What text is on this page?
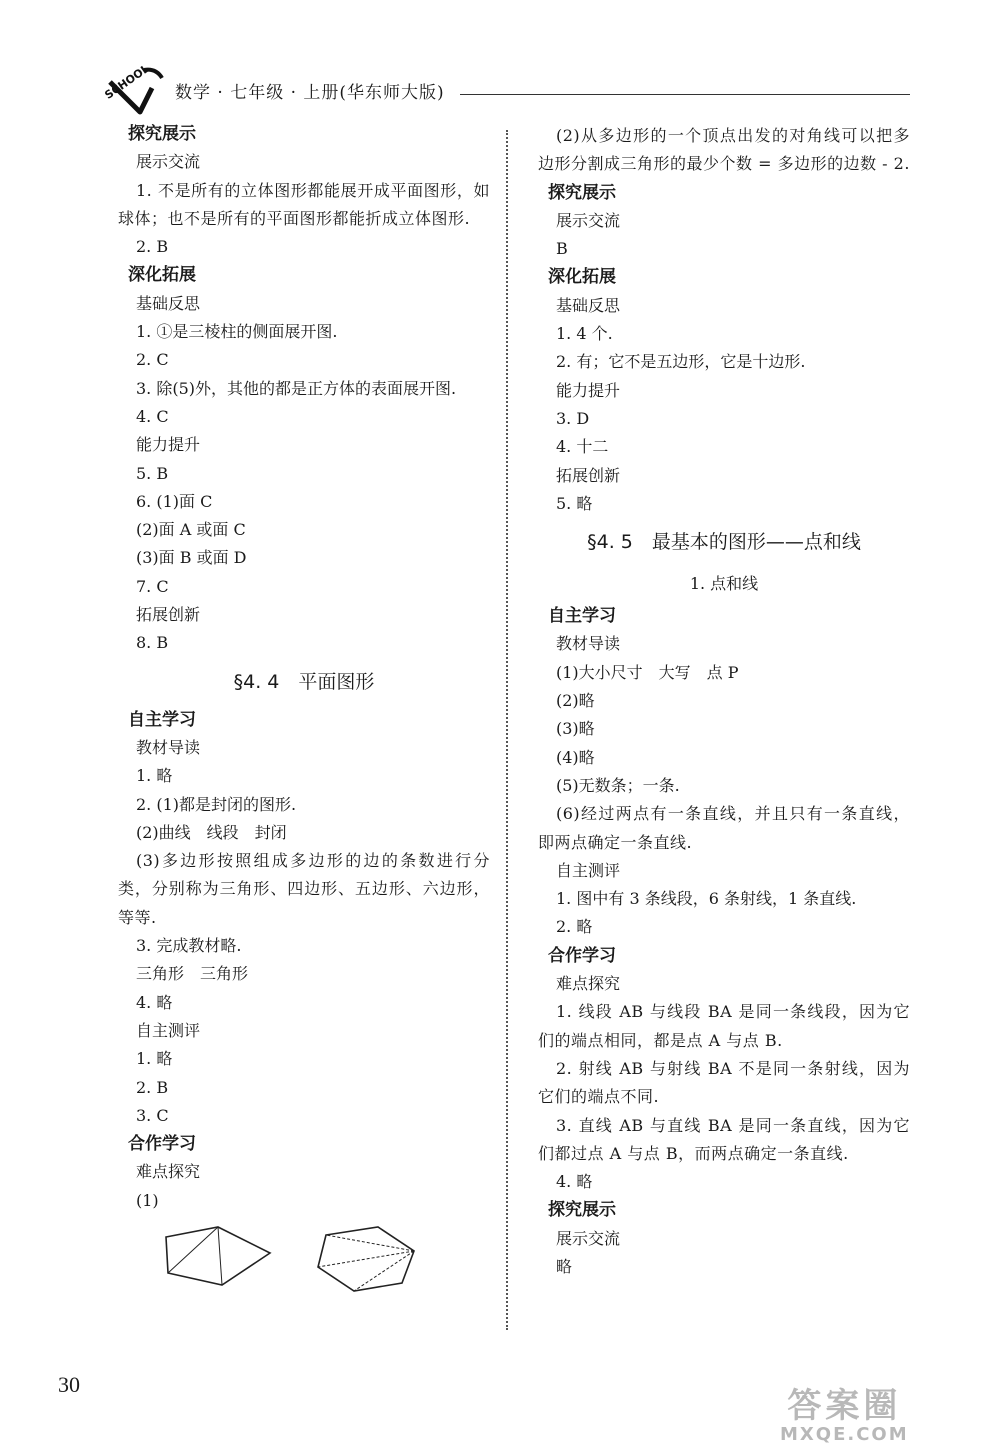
SCHOOL 数学 · 七年级 · 上册(华东师大版)
探究展示
展示交流
1. 不是所有的立体图形都能展开成平面图形，如球体；也不是所有的平面图形都能折成立体图形.
2. B
深化拓展
基础反思
1. ①是三棱柱的侧面展开图.
2. C
3. 除(5)外，其他的都是正方体的表面展开图.
4. C
能力提升
5. B
6. (1)面 C
(2)面 A 或面 C
(3)面 B 或面 D
7. C
拓展创新
8. B
§4. 4　平面图形
自主学习
教材导读
1. 略
2. (1)都是封闭的图形.
(2)曲线　线段　封闭
(3)多边形按照组成多边形的边的条数进行分类，分别称为三角形、四边形、五边形、六边形，等等.
3. 完成教材略.
三角形　三角形
4. 略
自主测评
1. 略
2. B
3. C
合作学习
难点探究
(1)
(2)从多边形的一个顶点出发的对角线可以把多边形分割成三角形的最少个数 = 多边形的边数 - 2.
探究展示
展示交流
B
深化拓展
基础反思
1. 4 个.
2. 有；它不是五边形，它是十边形.
能力提升
3. D
4. 十二
拓展创新
5. 略
§4. 5　最基本的图形——点和线
1. 点和线
自主学习
教材导读
(1)大小尺寸　大写　点 P
(2)略
(3)略
(4)略
(5)无数条；一条.
(6)经过两点有一条直线，并且只有一条直线，即两点确定一条直线.
自主测评
1. 图中有 3 条线段，6 条射线，1 条直线.
2. 略
合作学习
难点探究
1. 线段 AB 与线段 BA 是同一条线段，因为它们的端点相同，都是点 A 与点 B.
2. 射线 AB 与射线 BA 不是同一条射线，因为它们的端点不同.
3. 直线 AB 与直线 BA 是同一条直线，因为它们都过点 A 与点 B，而两点确定一条直线.
4. 略
探究展示
展示交流
略
30
答案圈
MXQE.COM
